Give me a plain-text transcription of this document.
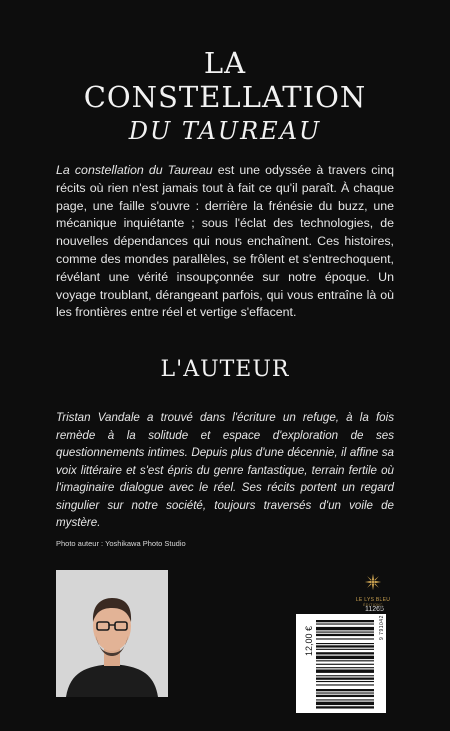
LA
CONSTELLATION
DU TAUREAU
La constellation du Taureau est une odyssée à travers cinq récits où rien n'est jamais tout à fait ce qu'il paraît. À chaque page, une faille s'ouvre : derrière la frénésie du buzz, une mécanique inquiétante ; sous l'éclat des technologies, de nouvelles dépendances qui nous enchaînent. Ces histoires, comme des mondes parallèles, se frôlent et s'entrechoquent, révélant une vérité insoupçonnée sur notre époque. Un voyage troublant, dérangeant parfois, qui vous entraîne là où les frontières entre réel et vertige s'effacent.
L'AUTEUR
Tristan Vandale a trouvé dans l'écriture un refuge, à la fois remède à la solitude et espace d'exploration de ses questionnements intimes. Depuis plus d'une décennie, il affine sa voix littéraire et s'est épris du genre fantastique, terrain fertile où l'imaginaire dialogue avec le réel. Ses récits portent un regard singulier sur notre société, toujours traversés d'un voile de mystère.
Photo auteur : Yoshikawa Photo Studio
LE LYS BLEU
ÉDITIONS
11265
12,00 €
9 791042 294749
